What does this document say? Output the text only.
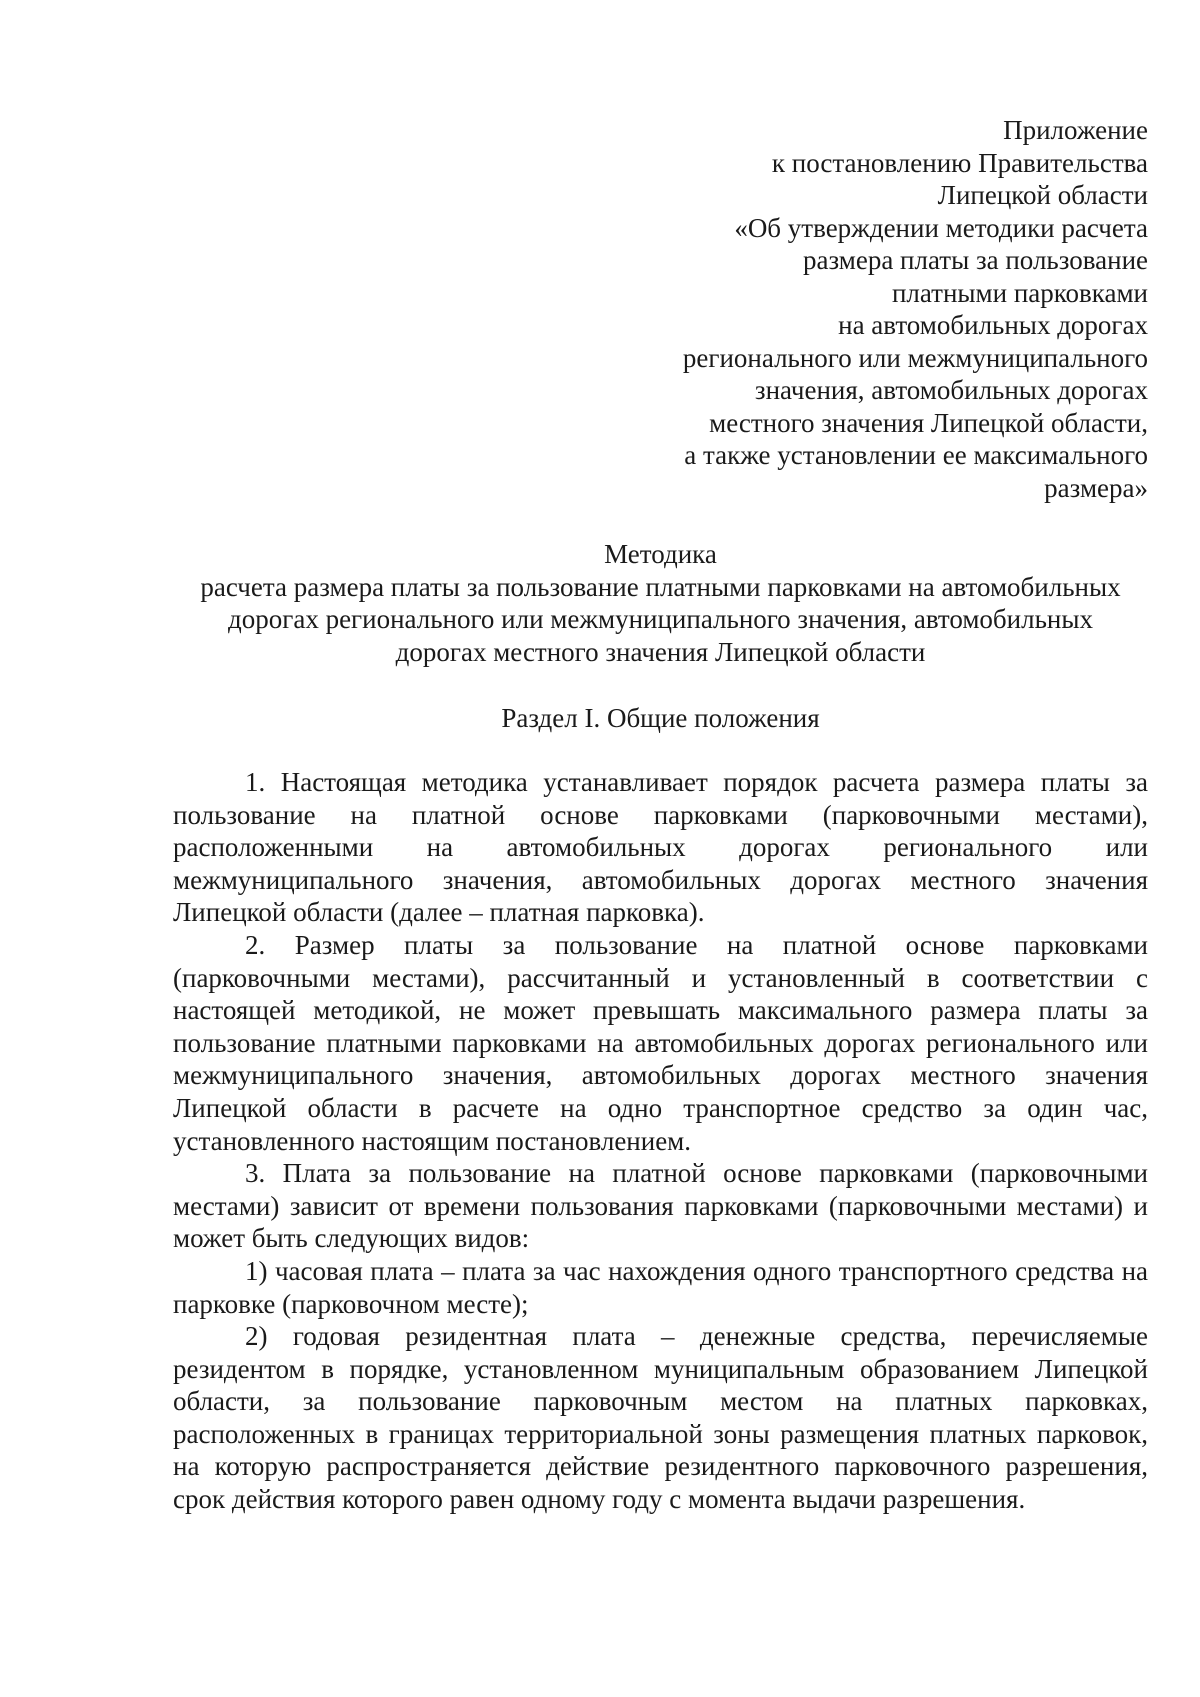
Приложение
к постановлению Правительства
Липецкой области
«Об утверждении методики расчета
размера платы за пользование
платными парковками
на автомобильных дорогах
регионального или межмуниципального
значения, автомобильных дорогах
местного значения Липецкой области,
а также установлении ее максимального
размера»
Методика
расчета размера платы за пользование платными парковками на автомобильных
дорогах регионального или межмуниципального значения, автомобильных
дорогах местного значения Липецкой области
Раздел I. Общие положения

1. Настоящая методика устанавливает порядок расчета размера платы за пользование на платной основе парковками (парковочными местами), расположенными на автомобильных дорогах регионального или межмуниципального значения, автомобильных дорогах местного значения Липецкой области (далее – платная парковка).

2. Размер платы за пользование на платной основе парковками (парковочными местами), рассчитанный и установленный в соответствии с настоящей методикой, не может превышать максимального размера платы за пользование платными парковками на автомобильных дорогах регионального или межмуниципального значения, автомобильных дорогах местного значения Липецкой области в расчете на одно транспортное средство за один час, установленного настоящим постановлением.

3. Плата за пользование на платной основе парковками (парковочными местами) зависит от времени пользования парковками (парковочными местами) и может быть следующих видов:

1) часовая плата – плата за час нахождения одного транспортного средства на парковке (парковочном месте);

2) годовая резидентная плата – денежные средства, перечисляемые резидентом в порядке, установленном муниципальным образованием Липецкой области, за пользование парковочным местом на платных парковках, расположенных в границах территориальной зоны размещения платных парковок, на которую распространяется действие резидентного парковочного разрешения, срок действия которого равен одному году с момента выдачи разрешения.
